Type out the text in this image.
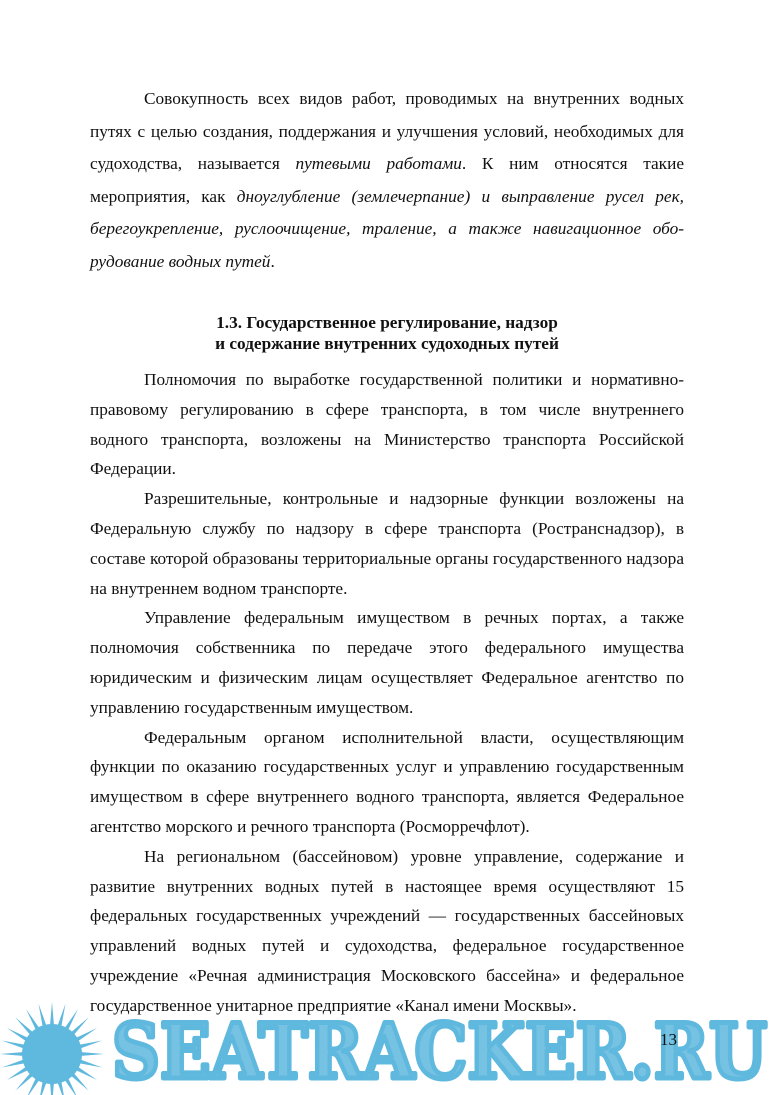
Совокупность всех видов работ, проводимых на внутренних водных путях с целью создания, поддержания и улучшения условий, необходимых для судоходства, называется путевыми работами. К ним относятся такие мероприятия, как дноуглубление (землечерпание) и выправление русел рек, берегоукрепление, руслоочищение, траление, а также навигационное оборудование водных путей.

1.3. Государственное регулирование, надзор
и содержание внутренних судоходных путей

Полномочия по выработке государственной политики и нормативно-правовому регулированию в сфере транспорта, в том числе внутреннего водного транспорта, возложены на Министерство транспорта Российской Федерации.

Разрешительные, контрольные и надзорные функции возложены на Федеральную службу по надзору в сфере транспорта (Ространснадзор), в составе которой образованы территориальные органы государственного надзора на внутреннем водном транспорте.

Управление федеральным имуществом в речных портах, а также полномочия собственника по передаче этого федерального имущества юридическим и физическим лицам осуществляет Федеральное агентство по управлению государственным имуществом.

Федеральным органом исполнительной власти, осуществляющим функции по оказанию государственных услуг и управлению государственным имуществом в сфере внутреннего водного транспорта, является Федеральное агентство морского и речного транспорта (Росморречфлот).

На региональном (бассейновом) уровне управление, содержание и развитие внутренних водных путей в настоящее время осуществляют 15 федеральных государственных учреждений — государственных бассейновых управлений водных путей и судоходства, федеральное государственное учреждение «Речная администрация Московского бассейна» и федеральное государственное унитарное предприятие «Канал имени Москвы».

SEATRACKER.RU
SEATRACKER.RU
13
